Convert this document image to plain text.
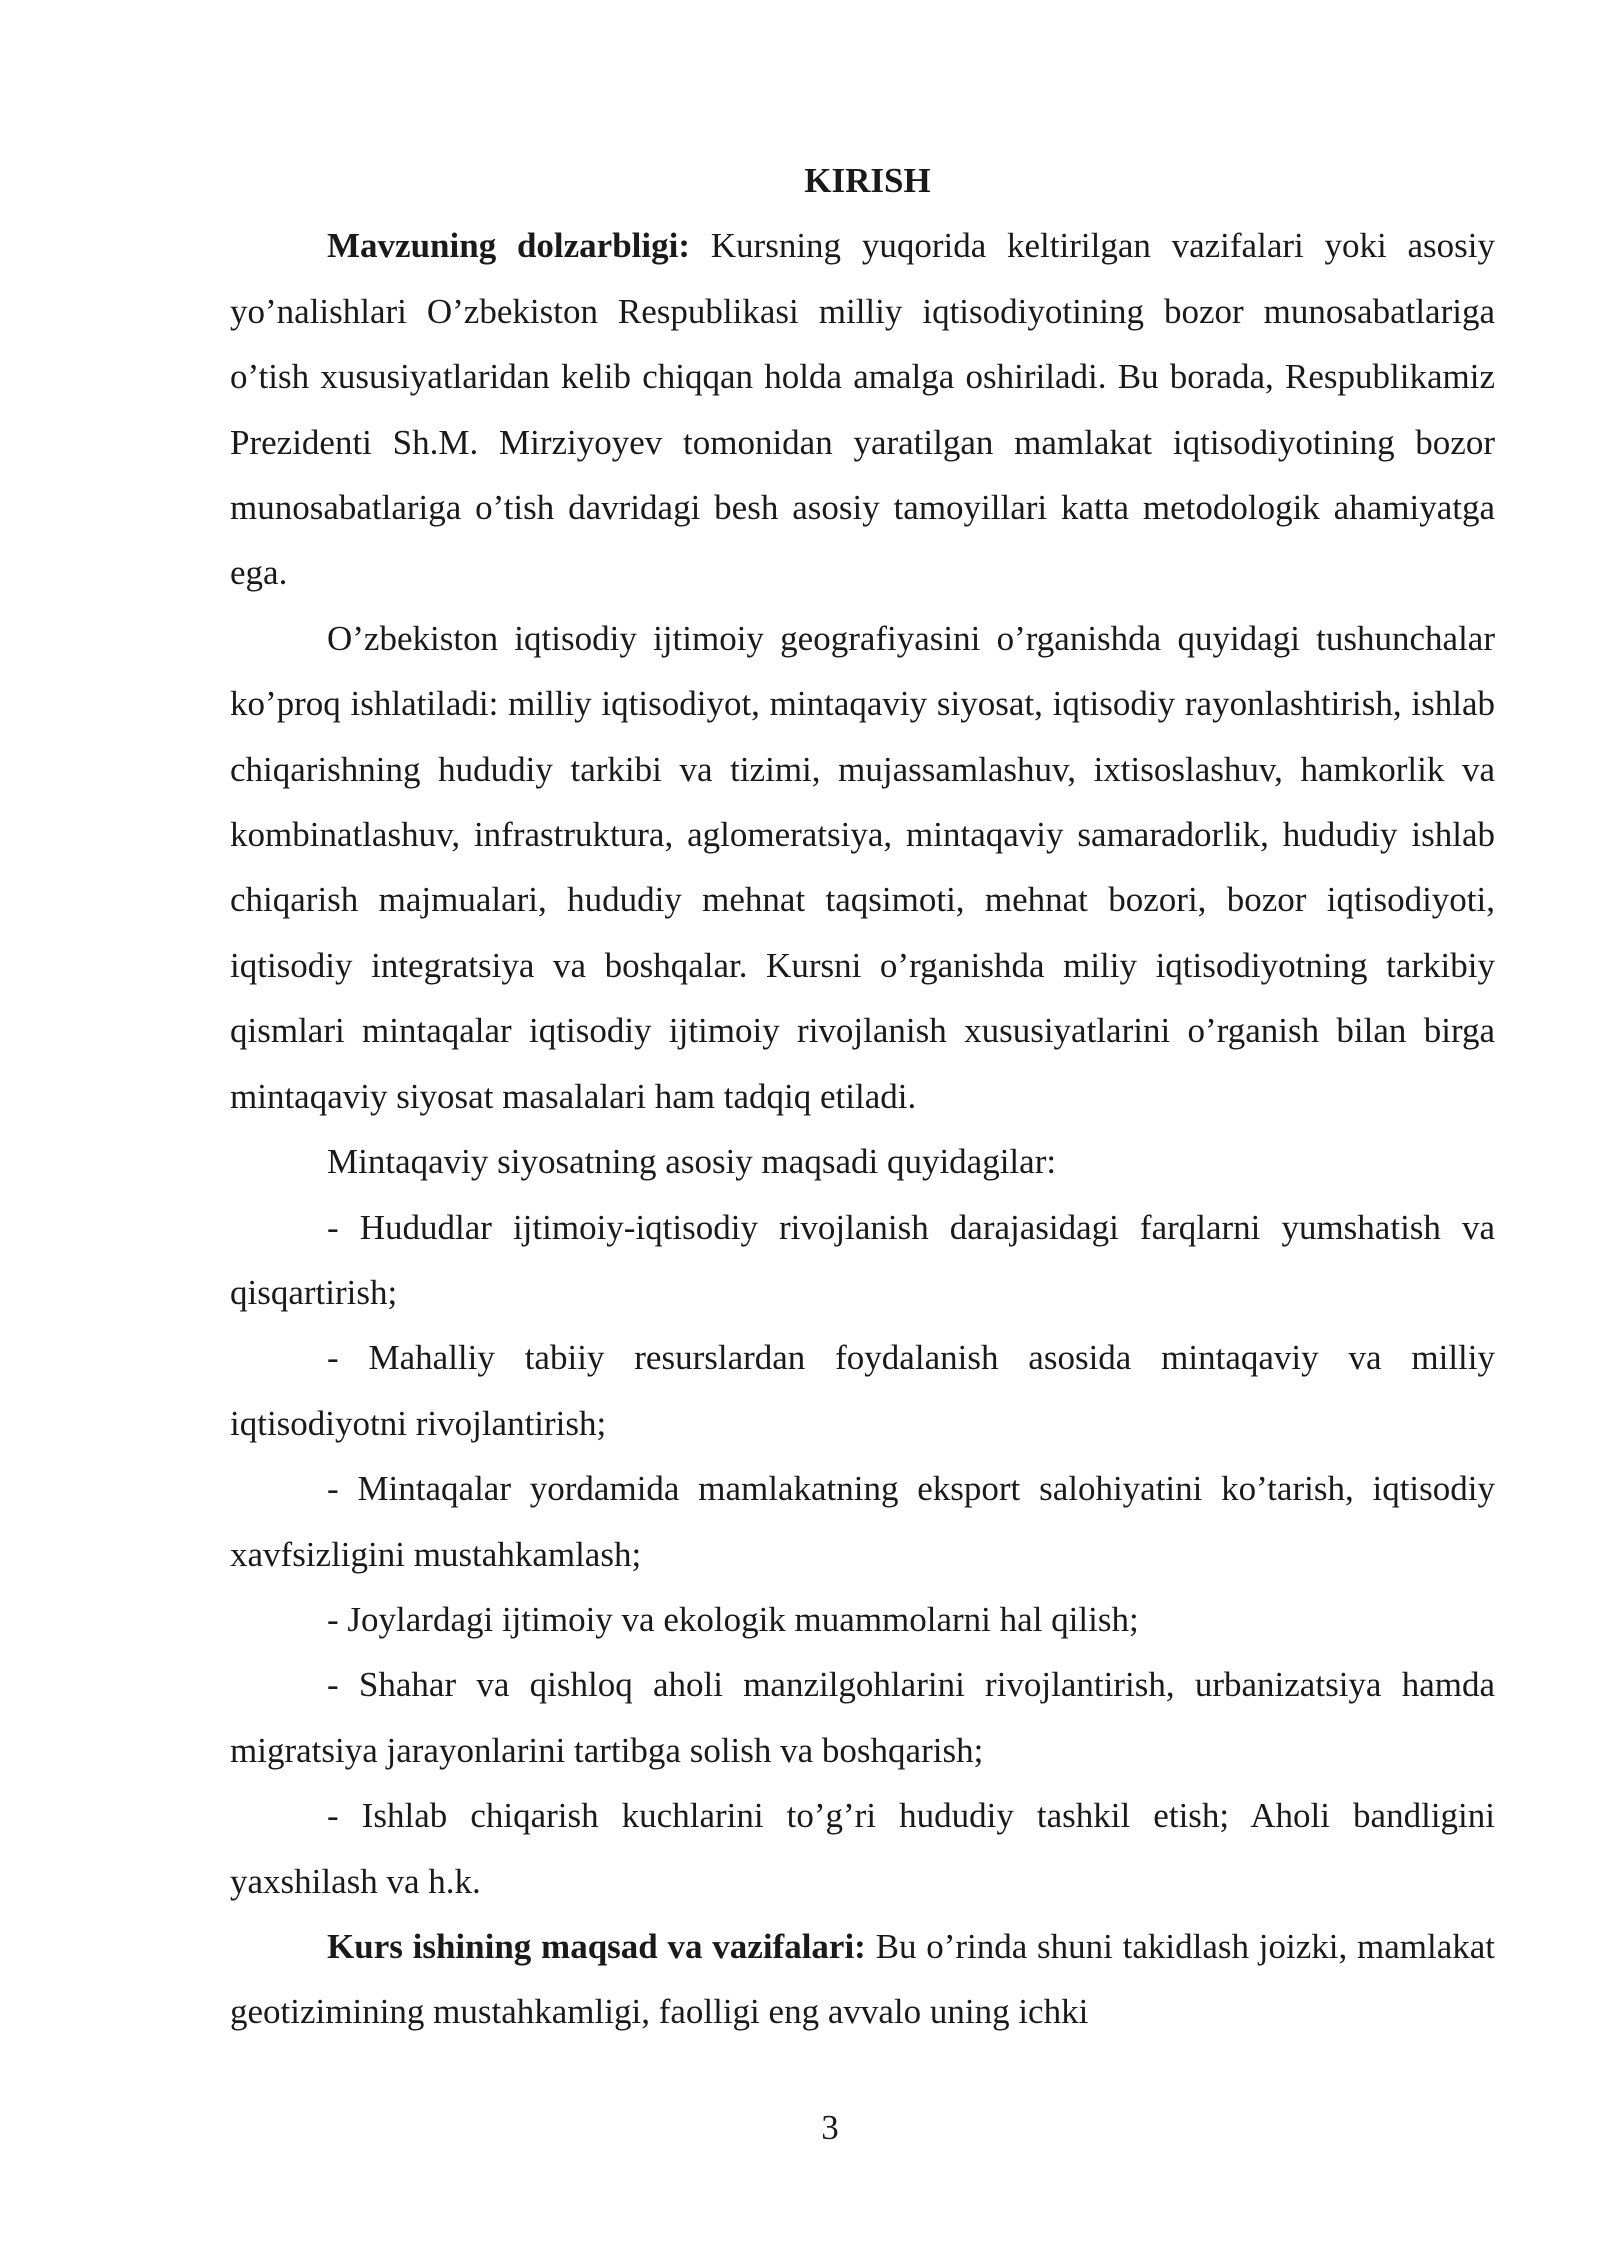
KIRISH

Mavzuning dolzarbligi: Kursning yuqorida keltirilgan vazifalari yoki asosiy yo’nalishlari O’zbekiston Respublikasi milliy iqtisodiyotining bozor munosabatlariga o’tish xususiyatlaridan kelib chiqqan holda amalga oshiriladi. Bu borada, Respublikamiz Prezidenti Sh.M. Mirziyoyev tomonidan yaratilgan mamlakat iqtisodiyotining bozor munosabatlariga o’tish davridagi besh asosiy tamoyillari katta metodologik ahamiyatga ega.

O’zbekiston iqtisodiy ijtimoiy geografiyasini o’rganishda quyidagi tushunchalar ko’proq ishlatiladi: milliy iqtisodiyot, mintaqaviy siyosat, iqtisodiy rayonlashtirish, ishlab chiqarishning hududiy tarkibi va tizimi, mujassamlashuv, ixtisoslashuv, hamkorlik va kombinatlashuv, infrastruktura, aglomeratsiya, mintaqaviy samaradorlik, hududiy ishlab chiqarish majmualari, hududiy mehnat taqsimoti, mehnat bozori, bozor iqtisodiyoti, iqtisodiy integratsiya va boshqalar. Kursni o’rganishda miliy iqtisodiyotning tarkibiy qismlari mintaqalar iqtisodiy ijtimoiy rivojlanish xususiyatlarini o’rganish bilan birga mintaqaviy siyosat masalalari ham tadqiq etiladi.

Mintaqaviy siyosatning asosiy maqsadi quyidagilar:

- Hududlar ijtimoiy-iqtisodiy rivojlanish darajasidagi farqlarni yumshatish va qisqartirish;

- Mahalliy tabiiy resurslardan foydalanish asosida mintaqaviy va milliy iqtisodiyotni rivojlantirish;

- Mintaqalar yordamida mamlakatning eksport salohiyatini ko’tarish, iqtisodiy xavfsizligini mustahkamlash;

- Joylardagi ijtimoiy va ekologik muammolarni hal qilish;

- Shahar va qishloq aholi manzilgohlarini rivojlantirish, urbanizatsiya hamda migratsiya jarayonlarini tartibga solish va boshqarish;

- Ishlab chiqarish kuchlarini to’g’ri hududiy tashkil etish; Aholi bandligini yaxshilash va h.k.

Kurs ishining maqsad va vazifalari: Bu o’rinda shuni takidlash joizki, mamlakat geotizimining mustahkamligi, faolligi eng avvalo uning ichki

3
